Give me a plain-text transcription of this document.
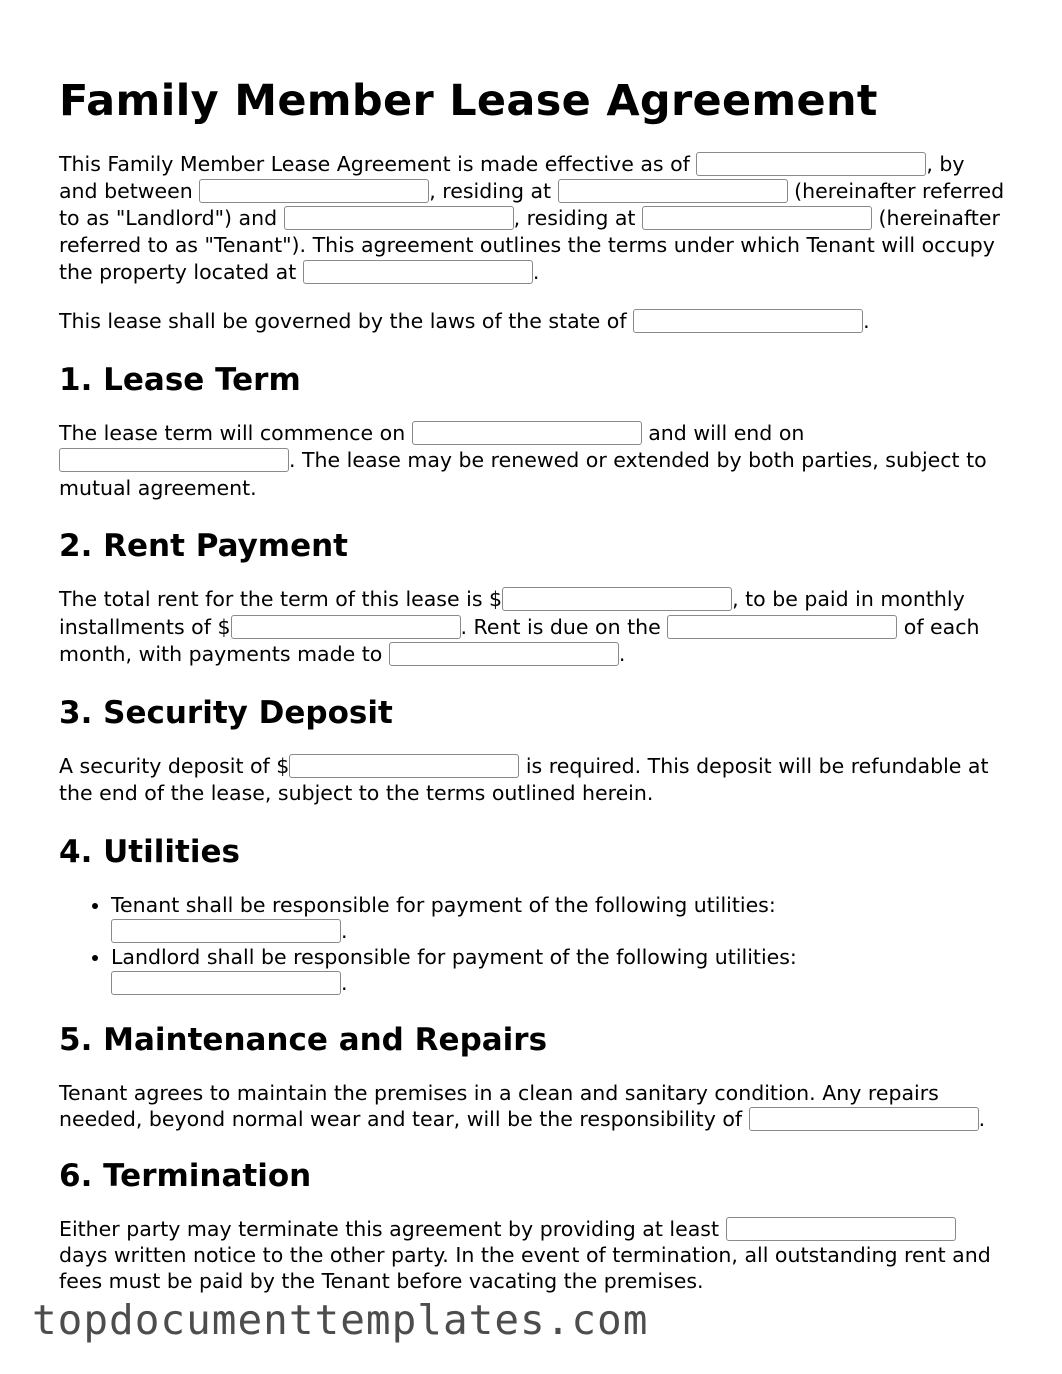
Family Member Lease Agreement

This Family Member Lease Agreement is made effective as of	, by and between	, residing at	(hereinafter referred to as "Landlord") and	, residing at	(hereinafter referred to as "Tenant"). This agreement outlines the terms under which Tenant will occupy the property located at	.

This lease shall be governed by the laws of the state of	.

1. Lease Term

The lease term will commence on	and will end on . The lease may be renewed or extended by both parties, subject to mutual agreement.

2. Rent Payment

The total rent for the term of this lease is $	, to be paid in monthly installments of $	. Rent is due on the	of each month, with payments made to	.

3. Security Deposit

A security deposit of $	is required. This deposit will be refundable at the end of the lease, subject to the terms outlined herein.

4. Utilities
• Tenant shall be responsible for payment of the following utilities: .
• Landlord shall be responsible for payment of the following utilities: .
5. Maintenance and Repairs

Tenant agrees to maintain the premises in a clean and sanitary condition. Any repairs needed, beyond normal wear and tear, will be the responsibility of	.

6. Termination

Either party may terminate this agreement by providing at least  days written notice to the other party. In the event of termination, all outstanding rent and fees must be paid by the Tenant before vacating the premises.

topdocumenttemplates.com
